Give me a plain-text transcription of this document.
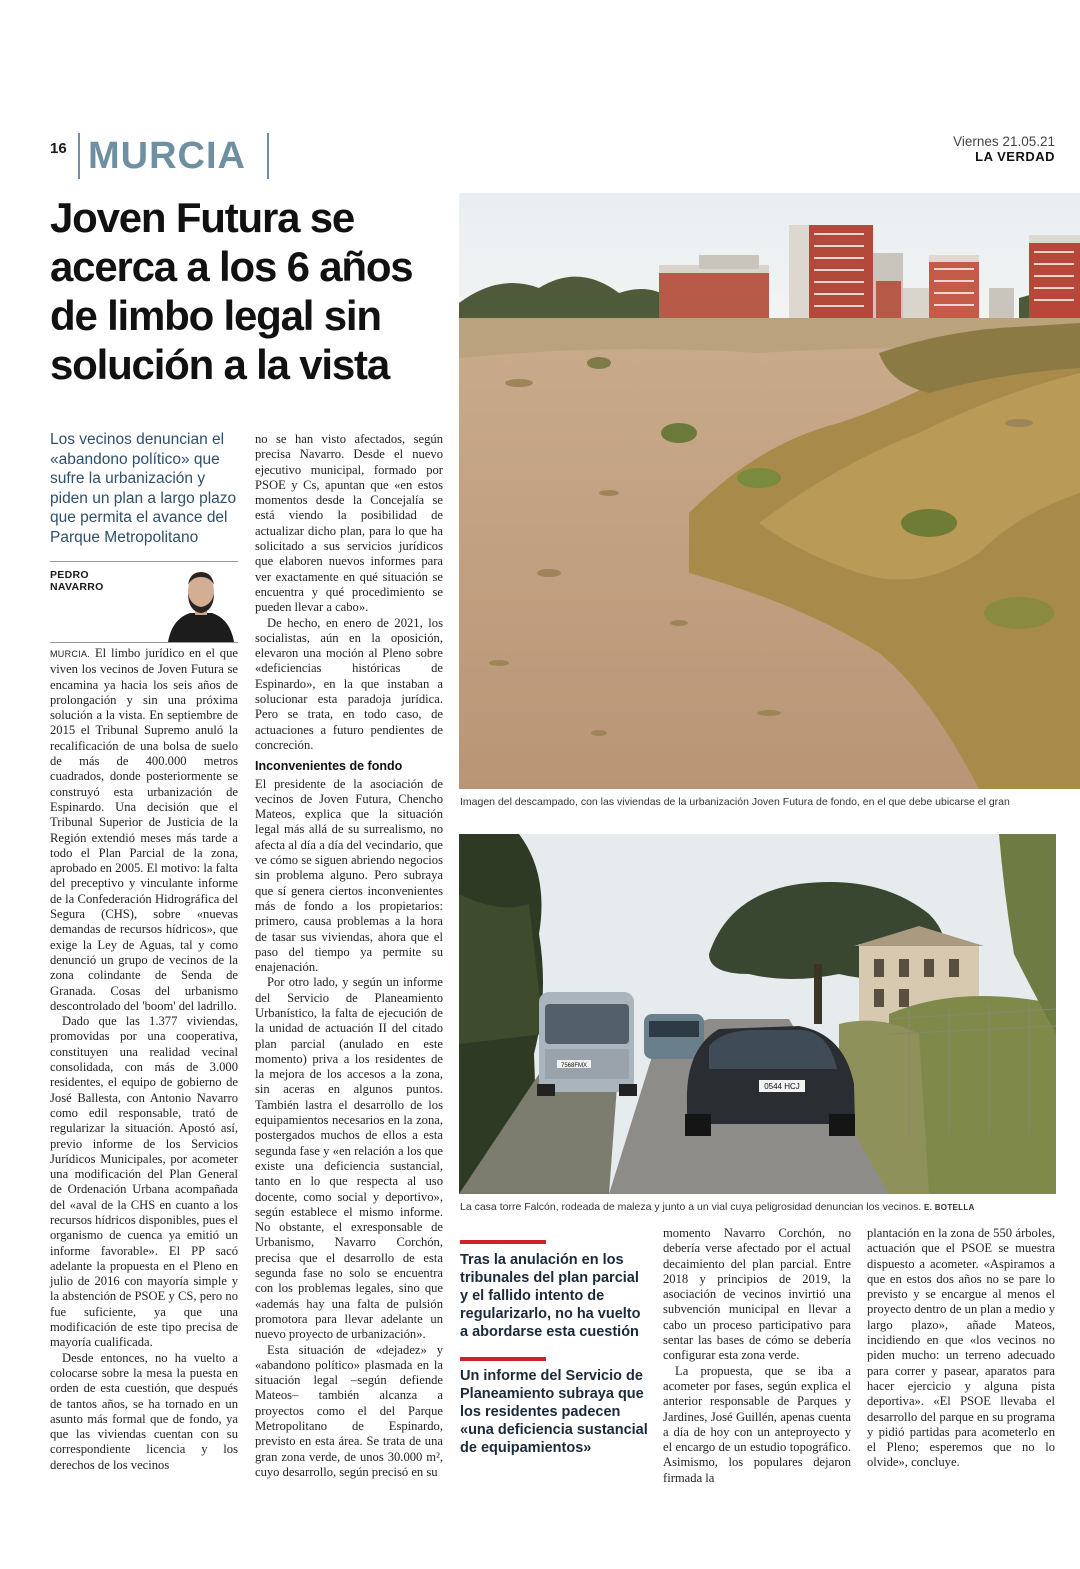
16 MURCIA	Viernes 21.05.21
LA VERDAD
Joven Futura se
acerca a los 6 años
de limbo legal sin
solución a la vista
Los vecinos denuncian el «abandono político» que sufre la urbanización y piden un plan a largo plazo que permita el avance del Parque Metropolitano
PEDRO
NAVARRO

MURCIA. El limbo jurídico en el que viven los vecinos de Joven Futura se encamina ya hacia los seis años de prolongación y sin una próxima solución a la vista. En septiembre de 2015 el Tribunal Supremo anuló la recalificación de una bolsa de suelo de más de 400.000 metros cuadrados, donde posteriormente se construyó esta urbanización de Espinardo. Una decisión que el Tribunal Superior de Justicia de la Región extendió meses más tarde a todo el Plan Parcial de la zona, aprobado en 2005. El motivo: la falta del preceptivo y vinculante informe de la Confederación Hidrográfica del Segura (CHS), sobre «nuevas demandas de recursos hídricos», que exige la Ley de Aguas, tal y como denunció un grupo de vecinos de la zona colindante de Senda de Granada. Cosas del urbanismo descontrolado del 'boom' del ladrillo.

Dado que las 1.377 viviendas, promovidas por una cooperativa, constituyen una realidad vecinal consolidada, con más de 3.000 residentes, el equipo de gobierno de José Ballesta, con Antonio Navarro como edil responsable, trató de regularizar la situación. Apostó así, previo informe de los Servicios Jurídicos Municipales, por acometer una modificación del Plan General de Ordenación Urbana acompañada del «aval de la CHS en cuanto a los recursos hídricos disponibles, pues el organismo de cuenca ya emitió un informe favorable». El PP sacó adelante la propuesta en el Pleno en julio de 2016 con mayoría simple y la abstención de PSOE y CS, pero no fue suficiente, ya que una modificación de este tipo precisa de mayoría cualificada.

Desde entonces, no ha vuelto a colocarse sobre la mesa la puesta en orden de esta cuestión, que después de tantos años, se ha tornado en un asunto más formal que de fondo, ya que las viviendas cuentan con su correspondiente licencia y los derechos de los vecinos

no se han visto afectados, según precisa Navarro. Desde el nuevo ejecutivo municipal, formado por PSOE y Cs, apuntan que «en estos momentos desde la Concejalía se está viendo la posibilidad de actualizar dicho plan, para lo que ha solicitado a sus servicios jurídicos que elaboren nuevos informes para ver exactamente en qué situación se encuentra y qué procedimiento se pueden llevar a cabo».

De hecho, en enero de 2021, los socialistas, aún en la oposición, elevaron una moción al Pleno sobre «deficiencias históricas de Espinardo», en la que instaban a solucionar esta paradoja jurídica. Pero se trata, en todo caso, de actuaciones a futuro pendientes de concreción.

Inconvenientes de fondo

El presidente de la asociación de vecinos de Joven Futura, Chencho Mateos, explica que la situación legal más allá de su surrealismo, no afecta al día a día del vecindario, que ve cómo se siguen abriendo negocios sin problema alguno. Pero subraya que sí genera ciertos inconvenientes más de fondo a los propietarios: primero, causa problemas a la hora de tasar sus viviendas, ahora que el paso del tiempo ya permite su enajenación.

Por otro lado, y según un informe del Servicio de Planeamiento Urbanístico, la falta de ejecución de la unidad de actuación II del citado plan parcial (anulado en este momento) priva a los residentes de la mejora de los accesos a la zona, sin aceras en algunos puntos. También lastra el desarrollo de los equipamientos necesarios en la zona, postergados muchos de ellos a esta segunda fase y «en relación a los que existe una deficiencia sustancial, tanto en lo que respecta al uso docente, como social y deportivo», según establece el mismo informe. No obstante, el exresponsable de Urbanismo, Navarro Corchón, precisa que el desarrollo de esta segunda fase no solo se encuentra con los problemas legales, sino que «además hay una falta de pulsión promotora para llevar adelante un nuevo proyecto de urbanización».

Esta situación de «dejadez» y «abandono político» plasmada en la situación legal –según defiende Mateos– también alcanza a proyectos como el del Parque Metropolitano de Espinardo, previsto en esta área. Se trata de una gran zona verde, de unos 30.000 m², cuyo desarrollo, según precisó en su

Imagen del descampado, con las viviendas de la urbanización Joven Futura de fondo, en el que debe ubicarse el gran
7568FMX
0544 HCJ
La casa torre Falcón, rodeada de maleza y junto a un vial cuya peligrosidad denuncian los vecinos. E. BOTELLA
Tras la anulación en los tribunales del plan parcial y el fallido intento de regularizarlo, no ha vuelto a abordarse esta cuestión
Un informe del Servicio de Planeamiento subraya que los residentes padecen «una deficiencia sustancial de equipamientos»

momento Navarro Corchón, no debería verse afectado por el actual decaimiento del plan parcial. Entre 2018 y principios de 2019, la asociación de vecinos invirtió una subvención municipal en llevar a cabo un proceso participativo para sentar las bases de cómo se debería configurar esta zona verde.

La propuesta, que se iba a acometer por fases, según explica el anterior responsable de Parques y Jardines, José Guillén, apenas cuenta a día de hoy con un anteproyecto y el encargo de un estudio topográfico. Asimismo, los populares dejaron firmada la

plantación en la zona de 550 árboles, actuación que el PSOE se muestra dispuesto a acometer. «Aspiramos a que en estos dos años no se pare lo previsto y se encargue al menos el proyecto dentro de un plan a medio y largo plazo», añade Mateos, incidiendo en que «los vecinos no piden mucho: un terreno adecuado para correr y pasear, aparatos para hacer ejercicio y alguna pista deportiva». «El PSOE llevaba el desarrollo del parque en su programa y pidió partidas para acometerlo en el Pleno; esperemos que no lo olvide», concluye.
